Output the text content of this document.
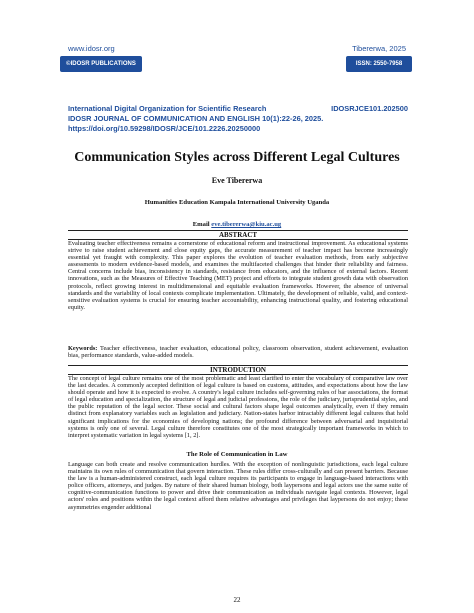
www.idosr.org	Tibererwa, 2025
©IDOSR PUBLICATIONS	ISSN: 2550-7958
International Digital Organization for Scientific Research	IDOSRJCE101.202500
IDOSR JOURNAL OF COMMUNICATION AND ENGLISH 10(1):22-26, 2025.
https://doi.org/10.59298/IDOSR/JCE/101.2226.20250000
Communication Styles across Different Legal Cultures
Eve Tibererwa
Humanities Education Kampala International University Uganda
Email eve.tibererwa@kiu.ac.ug
ABSTRACT
Evaluating teacher effectiveness remains a cornerstone of educational reform and instructional improvement. As educational systems strive to raise student achievement and close equity gaps, the accurate measurement of teacher impact has become increasingly essential yet fraught with complexity. This paper explores the evolution of teacher evaluation methods, from early subjective assessments to modern evidence-based models, and examines the multifaceted challenges that hinder their reliability and fairness. Central concerns include bias, inconsistency in standards, resistance from educators, and the influence of external factors. Recent innovations, such as the Measures of Effective Teaching (MET) project and efforts to integrate student growth data with observation protocols, reflect growing interest in multidimensional and equitable evaluation frameworks. However, the absence of universal standards and the variability of local contexts complicate implementation. Ultimately, the development of reliable, valid, and context-sensitive evaluation systems is crucial for ensuring teacher accountability, enhancing instructional quality, and fostering educational equity.
Keywords: Teacher effectiveness, teacher evaluation, educational policy, classroom observation, student achievement, evaluation bias, performance standards, value-added models.
INTRODUCTION
The concept of legal culture remains one of the most problematic and least clarified to enter the vocabulary of comparative law over the last decades. A commonly accepted definition of legal culture is based on customs, attitudes, and expectations about how the law should operate and how it is expected to evolve. A country's legal culture includes self-governing rules of bar associations, the format of legal education and specialization, the structure of legal and judicial professions, the role of the judiciary, jurisprudential styles, and the public reputation of the legal sector. These social and cultural factors shape legal outcomes analytically, even if they remain distinct from explanatory variables such as legislation and judiciary. Nation-states harbor intractably different legal cultures that hold significant implications for the economies of developing nations; the profound difference between adversarial and inquisitorial systems is only one of several. Legal culture therefore constitutes one of the most strategically important frameworks in which to interpret systematic variation in legal systems [1, 2].
The Role of Communication in Law
Language can both create and resolve communication hurdles. With the exception of nonlinguistic jurisdictions, each legal culture maintains its own rules of communication that govern interaction. These rules differ cross-culturally and can present barriers. Because the law is a human-administered construct, each legal culture requires its participants to engage in language-based interactions with police officers, attorneys, and judges. By nature of their shared human biology, both laypersons and legal actors use the same suite of cognitive-communication functions to power and drive their communication as individuals navigate legal contexts. However, legal actors' roles and positions within the legal context afford them relative advantages and privileges that laypersons do not enjoy; these asymmetries engender additional
22
